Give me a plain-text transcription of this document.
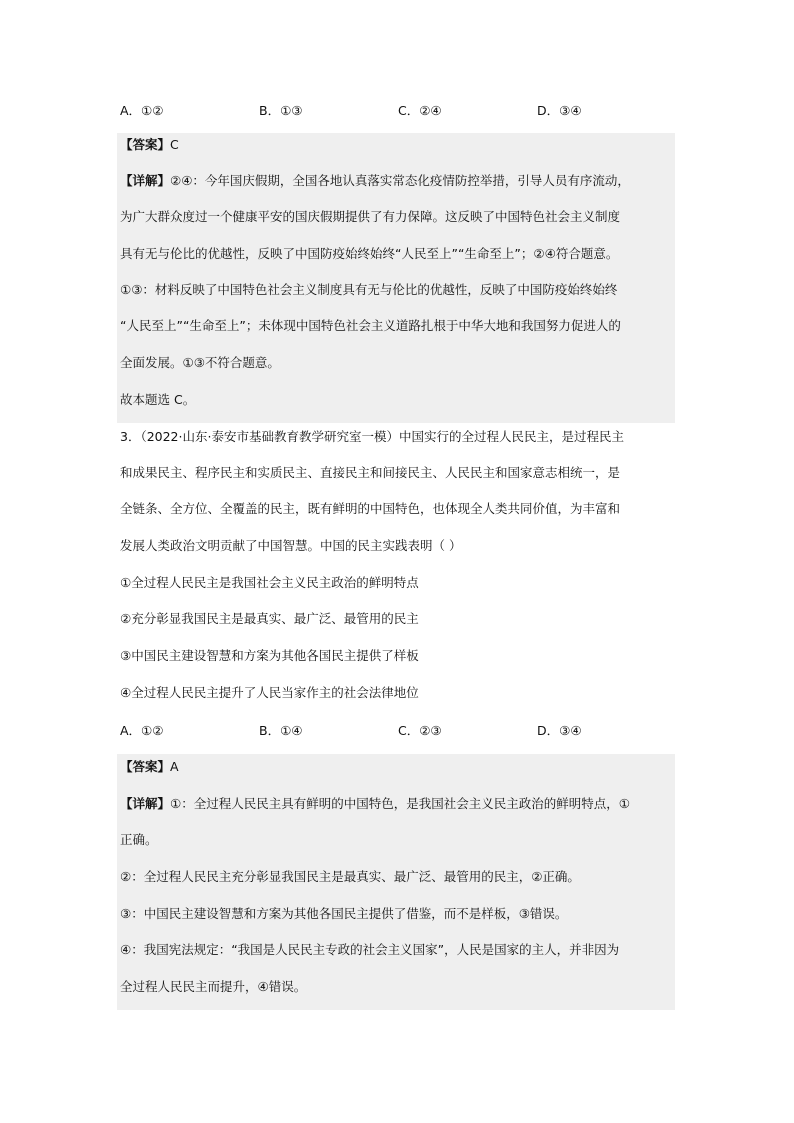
A．①②	B．①③	C．②④	D．③④
【答案】C
【详解】②④：今年国庆假期，全国各地认真落实常态化疫情防控举措，引导人员有序流动，
为广大群众度过一个健康平安的国庆假期提供了有力保障。这反映了中国特色社会主义制度
具有无与伦比的优越性，反映了中国防疫始终始终“人民至上”“生命至上”；②④符合题意。
①③：材料反映了中国特色社会主义制度具有无与伦比的优越性，反映了中国防疫始终始终
“人民至上”“生命至上”；未体现中国特色社会主义道路扎根于中华大地和我国努力促进人的
全面发展。①③不符合题意。
故本题选 C。
3．（2022·山东·泰安市基础教育教学研究室一模）中国实行的全过程人民民主，是过程民主
和成果民主、程序民主和实质民主、直接民主和间接民主、人民民主和国家意志相统一，是
全链条、全方位、全覆盖的民主，既有鲜明的中国特色，也体现全人类共同价值，为丰富和
发展人类政治文明贡献了中国智慧。中国的民主实践表明（ ）
①全过程人民民主是我国社会主义民主政治的鲜明特点
②充分彰显我国民主是最真实、最广泛、最管用的民主
③中国民主建设智慧和方案为其他各国民主提供了样板
④全过程人民民主提升了人民当家作主的社会法律地位
A．①②	B．①④	C．②③	D．③④
【答案】A
【详解】①：全过程人民民主具有鲜明的中国特色，是我国社会主义民主政治的鲜明特点，①
正确。
②：全过程人民民主充分彰显我国民主是最真实、最广泛、最管用的民主，②正确。
③：中国民主建设智慧和方案为其他各国民主提供了借鉴，而不是样板，③错误。
④：我国宪法规定：“我国是人民民主专政的社会主义国家”，人民是国家的主人，并非因为
全过程人民民主而提升，④错误。
